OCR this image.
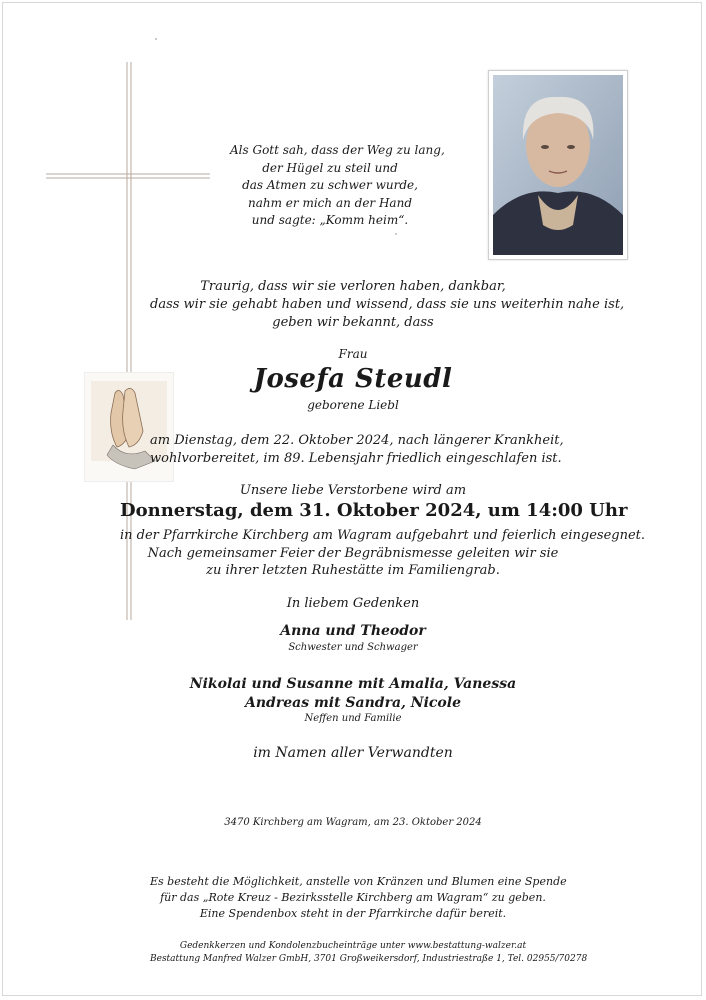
Als Gott sah, dass der Weg zu lang,
der Hügel zu steil und
das Atmen zu schwer wurde,
nahm er mich an der Hand
und sagte: „Komm heim“.
Traurig, dass wir sie verloren haben, dankbar,
dass wir sie gehabt haben und wissend, dass sie uns weiterhin nahe ist,
geben wir bekannt, dass
Frau
Josefa Steudl
geborene Liebl
am Dienstag, dem 22. Oktober 2024, nach längerer Krankheit,
wohlvorbereitet, im 89. Lebensjahr friedlich eingeschlafen ist.
Unsere liebe Verstorbene wird am
Donnerstag, dem 31. Oktober 2024, um 14:00 Uhr
in der Pfarrkirche Kirchberg am Wagram aufgebahrt und feierlich eingesegnet.
Nach gemeinsamer Feier der Begräbnismesse geleiten wir sie
zu ihrer letzten Ruhestätte im Familiengrab.
In liebem Gedenken
Anna und Theodor
Schwester und Schwager
Nikolai und Susanne mit Amalia, Vanessa
Andreas mit Sandra, Nicole
Neffen und Familie
im Namen aller Verwandten
3470 Kirchberg am Wagram, am 23. Oktober 2024
Es besteht die Möglichkeit, anstelle von Kränzen und Blumen eine Spende
für das „Rote Kreuz - Bezirksstelle Kirchberg am Wagram“ zu geben.
Eine Spendenbox steht in der Pfarrkirche dafür bereit.
Gedenkkerzen und Kondolenzbucheinträge unter www.bestattung-walzer.at
Bestattung Manfred Walzer GmbH, 3701 Großweikersdorf, Industriestraße 1, Tel. 02955/70278
